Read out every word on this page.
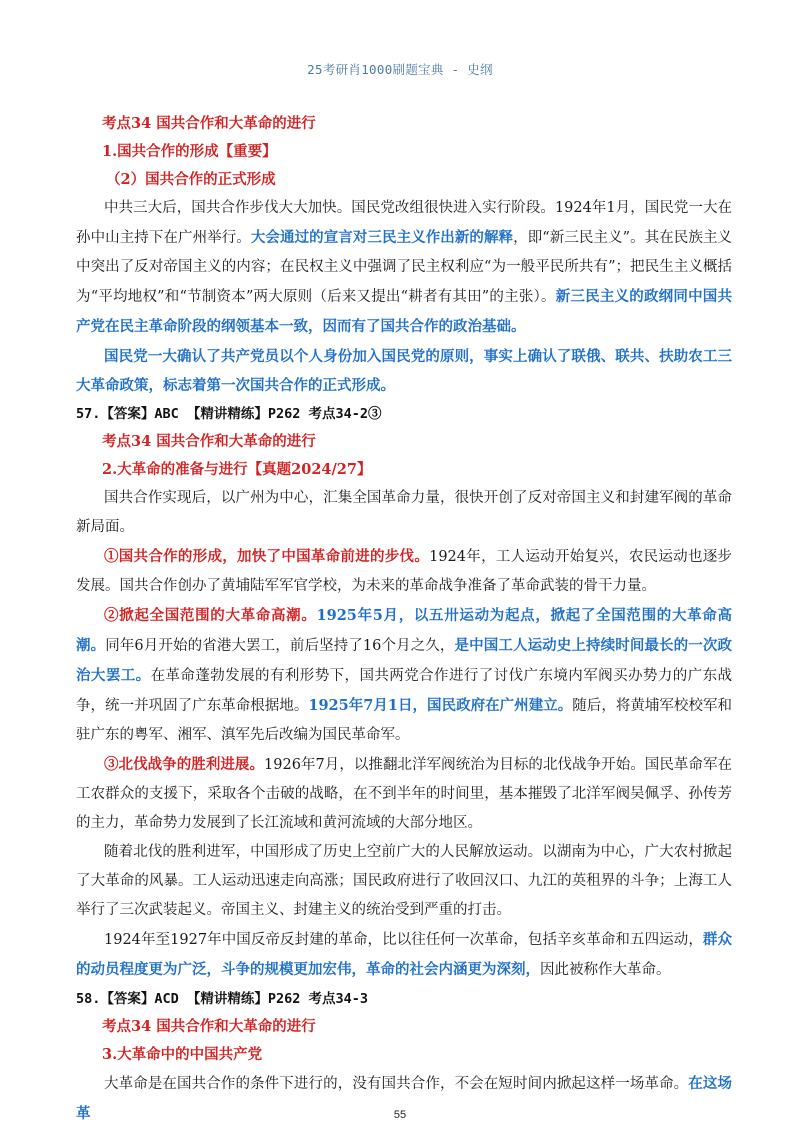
25考研肖1000刷题宝典 - 史纲

考点34 国共合作和大革命的进行

1.国共合作的形成【重要】

（2）国共合作的正式形成

中共三大后，国共合作步伐大大加快。国民党改组很快进入实行阶段。1924年1月，国民党一大在孙中山主持下在广州举行。大会通过的宣言对三民主义作出新的解释，即“新三民主义”。其在民族主义中突出了反对帝国主义的内容；在民权主义中强调了民主权利应“为一般平民所共有”；把民生主义概括为“平均地权”和“节制资本”两大原则（后来又提出“耕者有其田”的主张）。新三民主义的政纲同中国共产党在民主革命阶段的纲领基本一致，因而有了国共合作的政治基础。

国民党一大确认了共产党员以个人身份加入国民党的原则，事实上确认了联俄、联共、扶助农工三大革命政策，标志着第一次国共合作的正式形成。

57.【答案】ABC 【精讲精练】P262 考点34-2③

考点34 国共合作和大革命的进行

2.大革命的准备与进行【真题2024/27】

国共合作实现后，以广州为中心，汇集全国革命力量，很快开创了反对帝国主义和封建军阀的革命新局面。

①国共合作的形成，加快了中国革命前进的步伐。1924年，工人运动开始复兴，农民运动也逐步发展。国共合作创办了黄埔陆军军官学校，为未来的革命战争准备了革命武装的骨干力量。

②掀起全国范围的大革命高潮。1925年5月，以五卅运动为起点，掀起了全国范围的大革命高潮。同年6月开始的省港大罢工，前后坚持了16个月之久，是中国工人运动史上持续时间最长的一次政治大罢工。在革命蓬勃发展的有利形势下，国共两党合作进行了讨伐广东境内军阀买办势力的广东战争，统一并巩固了广东革命根据地。1925年7月1日，国民政府在广州建立。随后，将黄埔军校校军和驻广东的粤军、湘军、滇军先后改编为国民革命军。

③北伐战争的胜利进展。1926年7月，以推翻北洋军阀统治为目标的北伐战争开始。国民革命军在工农群众的支援下，采取各个击破的战略，在不到半年的时间里，基本摧毁了北洋军阀吴佩孚、孙传芳的主力，革命势力发展到了长江流域和黄河流域的大部分地区。

随着北伐的胜利进军，中国形成了历史上空前广大的人民解放运动。以湖南为中心，广大农村掀起了大革命的风暴。工人运动迅速走向高涨；国民政府进行了收回汉口、九江的英租界的斗争；上海工人举行了三次武装起义。帝国主义、封建主义的统治受到严重的打击。

1924年至1927年中国反帝反封建的革命，比以往任何一次革命，包括辛亥革命和五四运动，群众的动员程度更为广泛，斗争的规模更加宏伟，革命的社会内涵更为深刻，因此被称作大革命。

58.【答案】ACD 【精讲精练】P262 考点34-3

考点34 国共合作和大革命的进行

3.大革命中的中国共产党

大革命是在国共合作的条件下进行的，没有国共合作，不会在短时间内掀起这样一场革命。在这场革	55
